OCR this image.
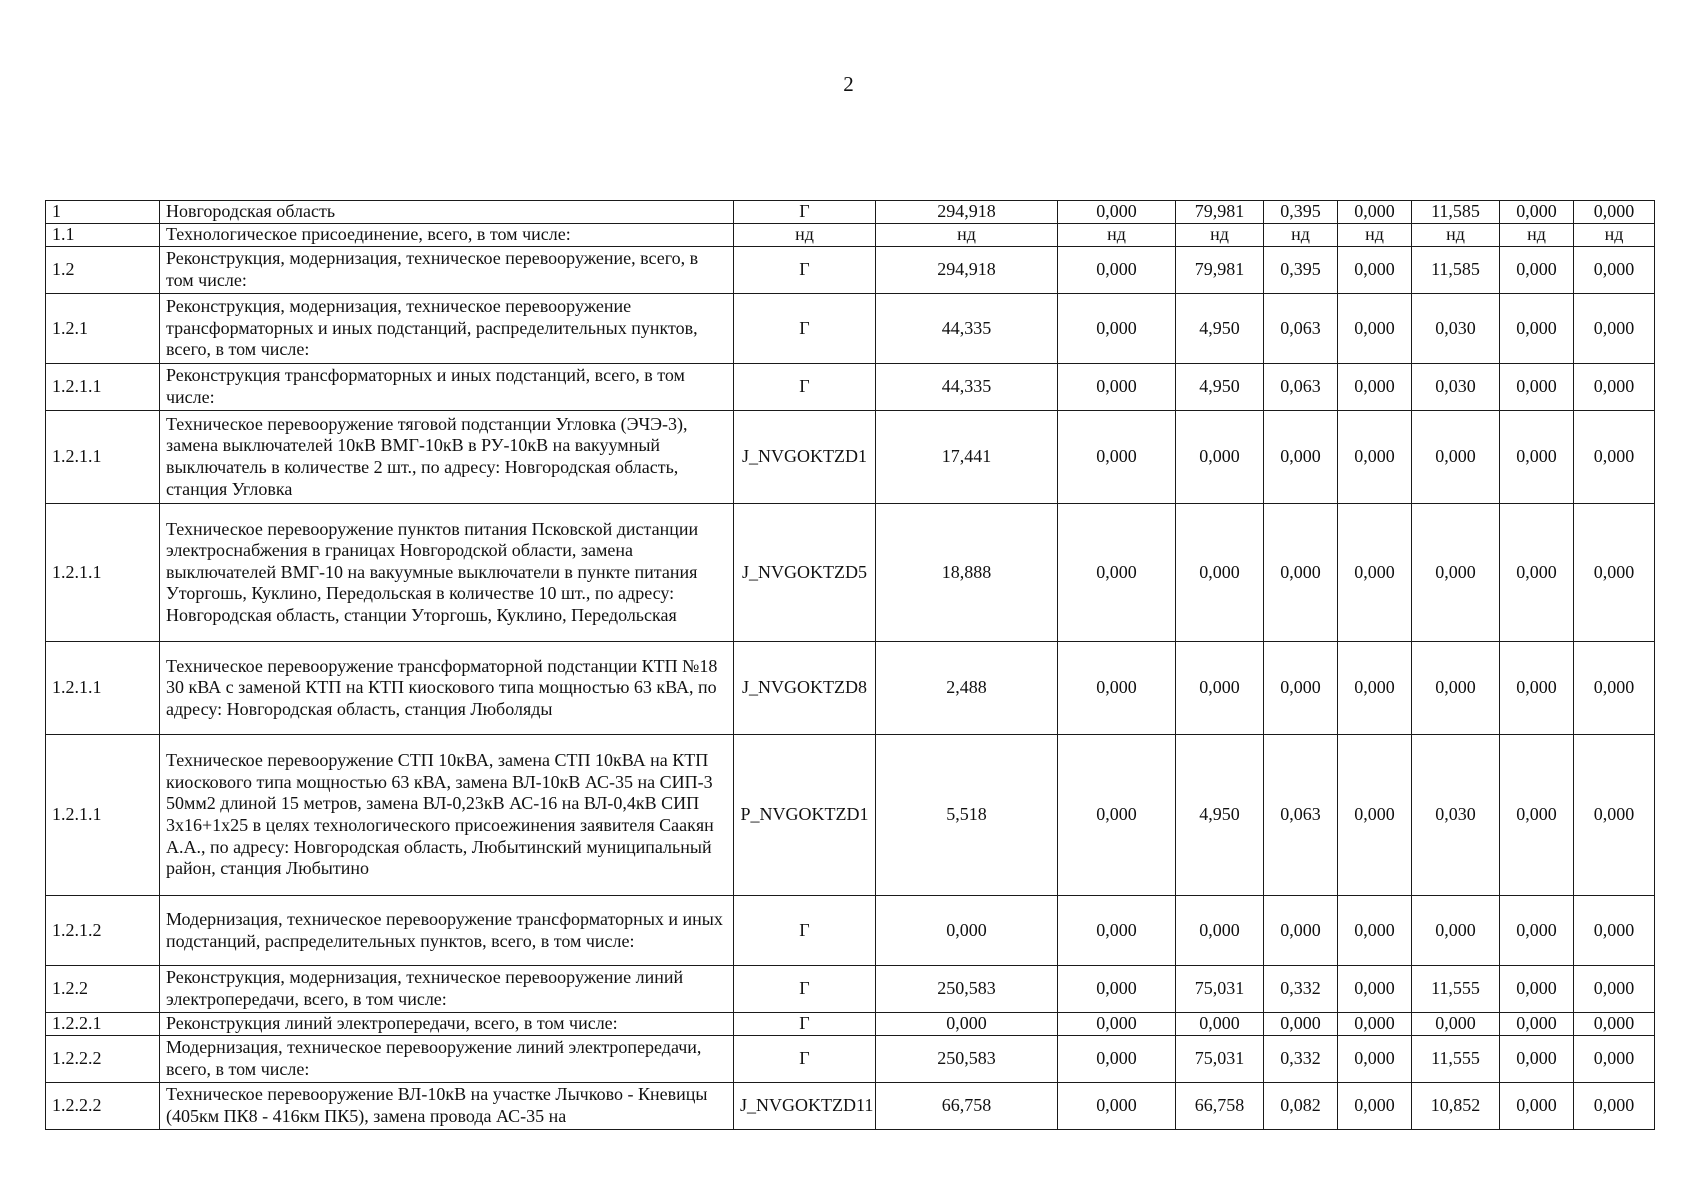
2
1	Новгородская область	Г	294,918	0,000	79,981	0,395	0,000	11,585	0,000	0,000
1.1	Технологическое присоединение, всего, в том числе:	нд	нд	нд	нд	нд	нд	нд	нд	нд
1.2	Реконструкция, модернизация, техническое перевооружение, всего, в том числе:	Г	294,918	0,000	79,981	0,395	0,000	11,585	0,000	0,000
1.2.1	Реконструкция, модернизация, техническое перевооружение трансформаторных и иных подстанций, распределительных пунктов, всего, в том числе:	Г	44,335	0,000	4,950	0,063	0,000	0,030	0,000	0,000
1.2.1.1	Реконструкция трансформаторных и иных подстанций, всего, в том числе:	Г	44,335	0,000	4,950	0,063	0,000	0,030	0,000	0,000
1.2.1.1	Техническое перевооружение тяговой подстанции Угловка (ЭЧЭ-3), замена выключателей 10кВ ВМГ-10кВ в РУ-10кВ на вакуумный выключатель в количестве 2 шт., по адресу: Новгородская область, станция Угловка	J_NVGOKTZD1	17,441	0,000	0,000	0,000	0,000	0,000	0,000	0,000
1.2.1.1	Техническое перевооружение пунктов питания Псковской дистанции электроснабжения в границах Новгородской области, замена выключателей ВМГ-10 на вакуумные выключатели в пункте питания Уторгошь, Куклино, Передольская в количестве 10 шт., по адресу: Новгородская область, станции Уторгошь, Куклино, Передольская	J_NVGOKTZD5	18,888	0,000	0,000	0,000	0,000	0,000	0,000	0,000
1.2.1.1	Техническое перевооружение трансформаторной подстанции КТП №18 30 кВА с заменой КТП на КТП киоскового типа мощностью 63 кВА, по адресу: Новгородская область, станция Люболяды	J_NVGOKTZD8	2,488	0,000	0,000	0,000	0,000	0,000	0,000	0,000
1.2.1.1	Техническое перевооружение СТП 10кВА, замена СТП 10кВА на КТП киоскового типа мощностью 63 кВА, замена ВЛ-10кВ АС-35 на СИП-3 50мм2 длиной 15 метров, замена ВЛ-0,23кВ АС-16 на ВЛ-0,4кВ СИП 3х16+1х25 в целях технологического присоежинения заявителя Саакян А.А., по адресу: Новгородская область, Любытинский муниципальный район, станция Любытино	P_NVGOKTZD1	5,518	0,000	4,950	0,063	0,000	0,030	0,000	0,000
1.2.1.2	Модернизация, техническое перевооружение трансформаторных и иных подстанций, распределительных пунктов, всего, в том числе:	Г	0,000	0,000	0,000	0,000	0,000	0,000	0,000	0,000
1.2.2	Реконструкция, модернизация, техническое перевооружение линий электропередачи, всего, в том числе:	Г	250,583	0,000	75,031	0,332	0,000	11,555	0,000	0,000
1.2.2.1	Реконструкция линий электропередачи, всего, в том числе:	Г	0,000	0,000	0,000	0,000	0,000	0,000	0,000	0,000
1.2.2.2	Модернизация, техническое перевооружение линий электропередачи, всего, в том числе:	Г	250,583	0,000	75,031	0,332	0,000	11,555	0,000	0,000
1.2.2.2	Техническое перевооружение ВЛ-10кВ на участке Лычково - Кневицы (405км ПК8 - 416км ПК5), замена провода АС-35 на	J_NVGOKTZD11	66,758	0,000	66,758	0,082	0,000	10,852	0,000	0,000
